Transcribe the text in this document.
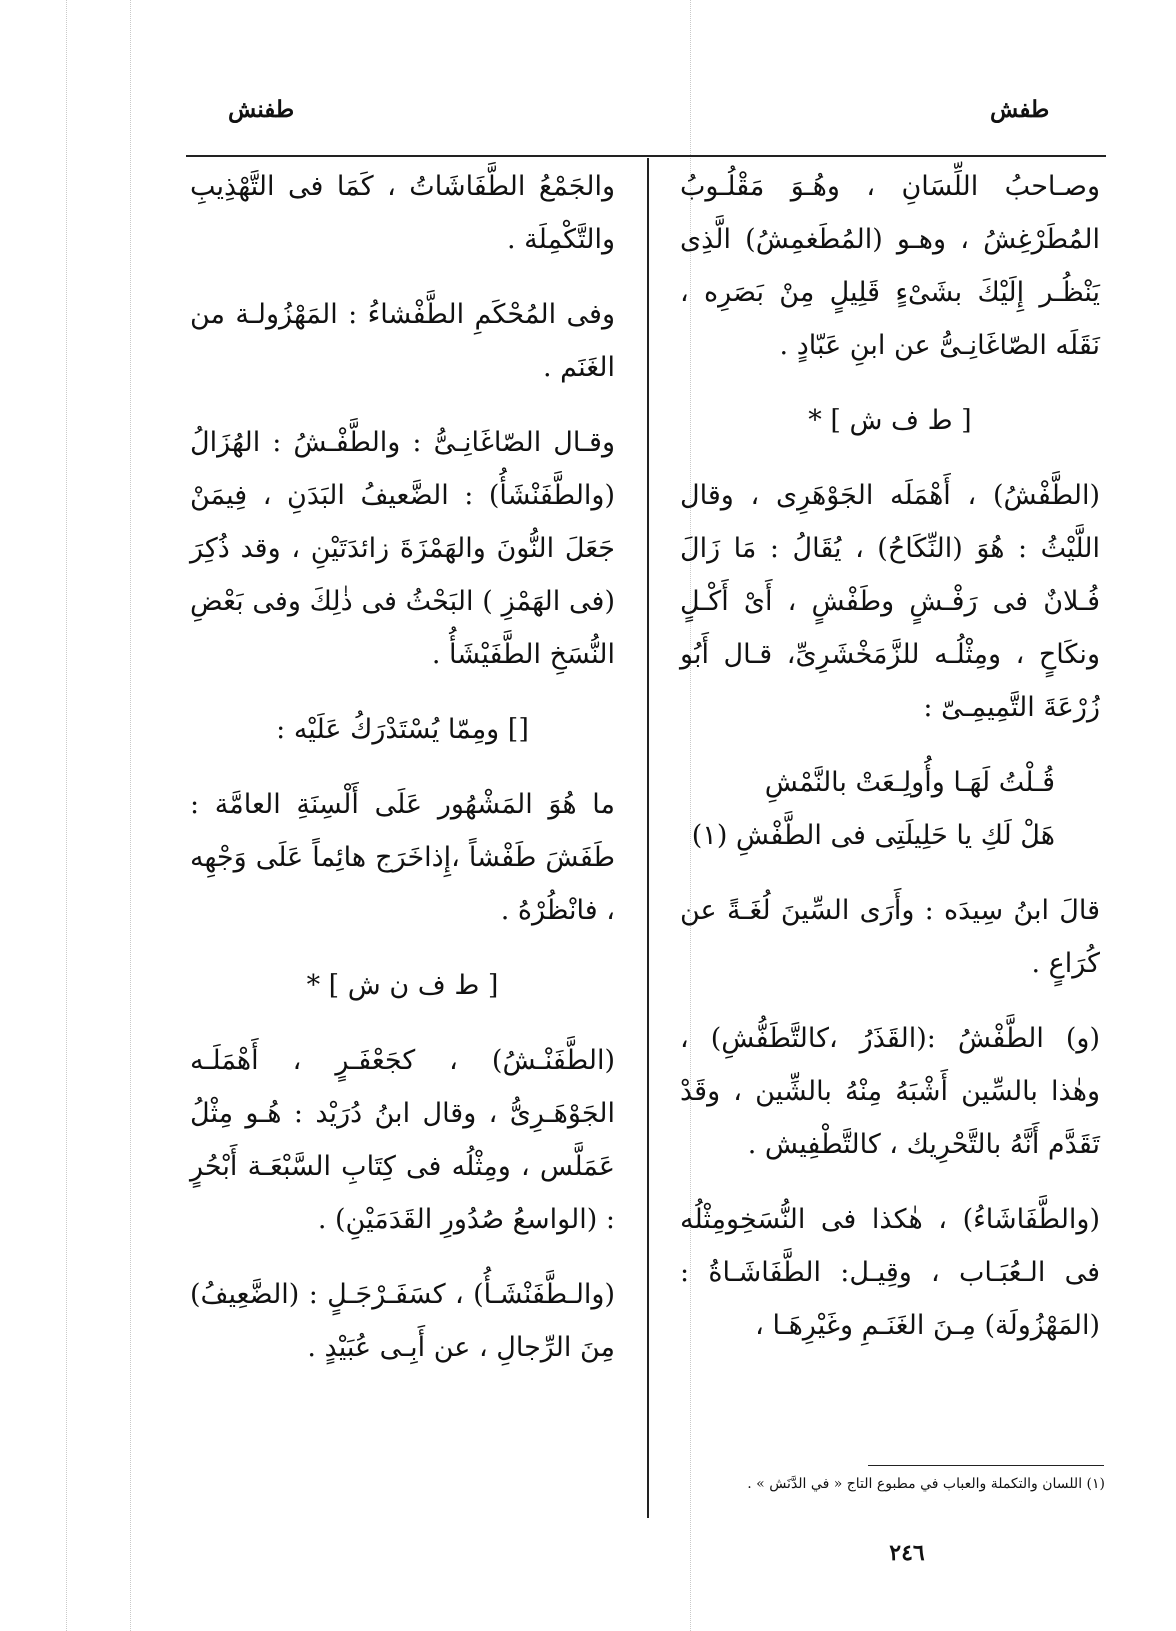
طفنش	طفش

وصـاحبُ اللِّسَانِ ، وهُـوَ مَقْلُـوبُ المُطَرْغِشُ ، وهـو (المُطَغمِشُ) الَّذِى يَنْظُـر إِلَيْكَ بشَىْءٍ قَلِيلٍ مِنْ بَصَرِه ، نَقَلَه الصّاغَانِـىُّ عن ابنِ عَبّادٍ .

[ ط ف ش ] *

(الطَّفْشُ) ، أَهْمَلَه الجَوْهَرِى ، وقال اللَّيْثُ : هُوَ (النِّكَاحُ) ، يُقَالُ : مَا زَالَ فُـلانٌ فى رَفْـشٍ وطَفْشٍ ، أَىْ أَكْـلٍ ونكَاحٍ ، ومِثْلُـه للزَّمَخْشَرِىِّ، قـال أَبُو زُرْعَةَ التَّمِيمِـىّ :

قُـلْتُ لَهَـا وأُولِـعَتْ بالنَّمْشِ

هَلْ لَكِ يا حَلِيلَتِى فى الطَّفْشِ (١)

قالَ ابنُ سِيدَه : وأَرَى السِّينَ لُغَـةً عن كُرَاعٍ .

(و) الطَّفْشُ :(القَذَرُ ،كالتَّطَفُّشِ) ، وهٰذا بالسِّين أَشْبَهُ مِنْهُ بالشِّين ، وقَدْ تَقَدَّم أَنَّهُ بالتَّحْرِيك ، كالتَّطْفِيش .

(والطَّفَاشَاءُ) ، هٰكذا فى النُّسَخِومِثْلُه فى الـعُبَـاب ، وقِيـل: الطَّفَاشَـاةُ : (المَهْزُولَة) مِـنَ الغَنَـمِ وغَيْرِهَـا ،

والجَمْعُ الطَّفَاشَاتُ ، كَمَا فى التَّهْذِيبِ والتَّكْمِلَة .

وفى المُحْكَمِ الطَّفْشاءُ : المَهْزُولـة من الغَنَم .

وقـال الصّاغَانِـىُّ : والطَّفْـشُ : الهُزَالُ (والطَّفَنْشَأُ) : الضَّعيفُ البَدَنِ ، فِيمَنْ جَعَلَ النُّونَ والهَمْزَةَ زائدَتَيْنِ ، وقد ذُكِرَ (فى الهَمْزِ ) البَحْثُ فى ذٰلِكَ وفى بَعْضِ النُّسَخِ الطَّفَيْشَأُ .

[] ومِمّا يُسْتَدْرَكُ عَلَيْه :

ما هُوَ المَشْهُور عَلَى أَلْسِنَةِ العامَّة : طَفَشَ طَفْشاً ،إِذاخَرَج هائِماً عَلَى وَجْهِه ، فانْظُرْهُ .

[ ط ف ن ش ] *

(الطَّفَنْـشُ) ، كجَعْفَـرٍ ، أَهْمَلَـه الجَوْهَـرِىُّ ، وقال ابنُ دُرَيْد : هُـو مِثْلُ عَمَلَّس ، ومِثْلُه فى كِتَابِ السَّبْعَـة أَبْحُرٍ : (الواسعُ صُدُورِ القَدَمَيْنِ) .

(والـطَّفَنْشَـأُ) ، كسَفَـرْجَـلٍ : (الضَّعِيفُ) مِنَ الرِّجالِ ، عن أَبِـى عُبَيْدٍ .

(١) اللسان والتكملة والعباب في مطبوع التاج « في الدَّنَش » .
٢٤٦
